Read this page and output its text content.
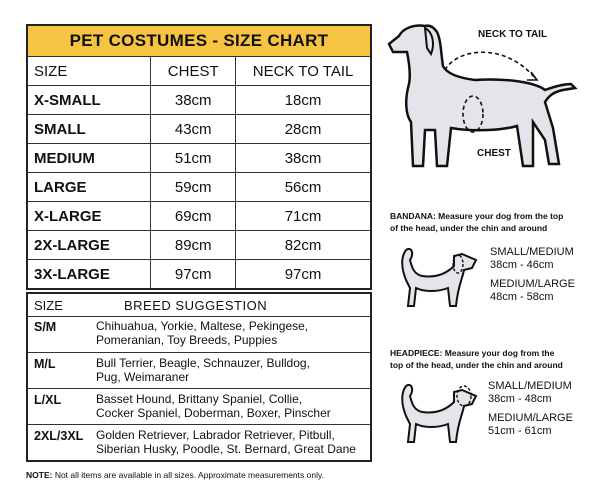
PET COSTUMES - SIZE CHART		
SIZE	CHEST	NECK TO TAIL
X-SMALL	38cm	18cm
SMALL	43cm	28cm
MEDIUM	51cm	38cm
LARGE	59cm	56cm
X-LARGE	69cm	71cm
2X-LARGE	89cm	82cm
3X-LARGE	97cm	97cm
SIZE	BREED SUGGESTION
S/M	Chihuahua, Yorkie, Maltese, Pekingese,
Pomeranian, Toy Breeds, Puppies
M/L	Bull Terrier, Beagle, Schnauzer, Bulldog,
Pug, Weimaraner
L/XL	Basset Hound, Brittany Spaniel, Collie,
Cocker Spaniel, Doberman, Boxer, Pinscher
2XL/3XL Golden Retriever, Labrador Retriever, Pitbull,
Siberian Husky, Poodle, St. Bernard, Great Dane
NOTE: Not all items are available in all sizes. Approximate measurements only.
NECK TO TAIL
CHEST
BANDANA: Measure your dog from the top
of the head, under the chin and around
SMALL/MEDIUM
38cm - 46cm
MEDIUM/LARGE
48cm - 58cm
HEADPIECE: Measure your dog from the
top of the head, under the chin and around
SMALL/MEDIUM
38cm - 48cm
MEDIUM/LARGE
51cm - 61cm
